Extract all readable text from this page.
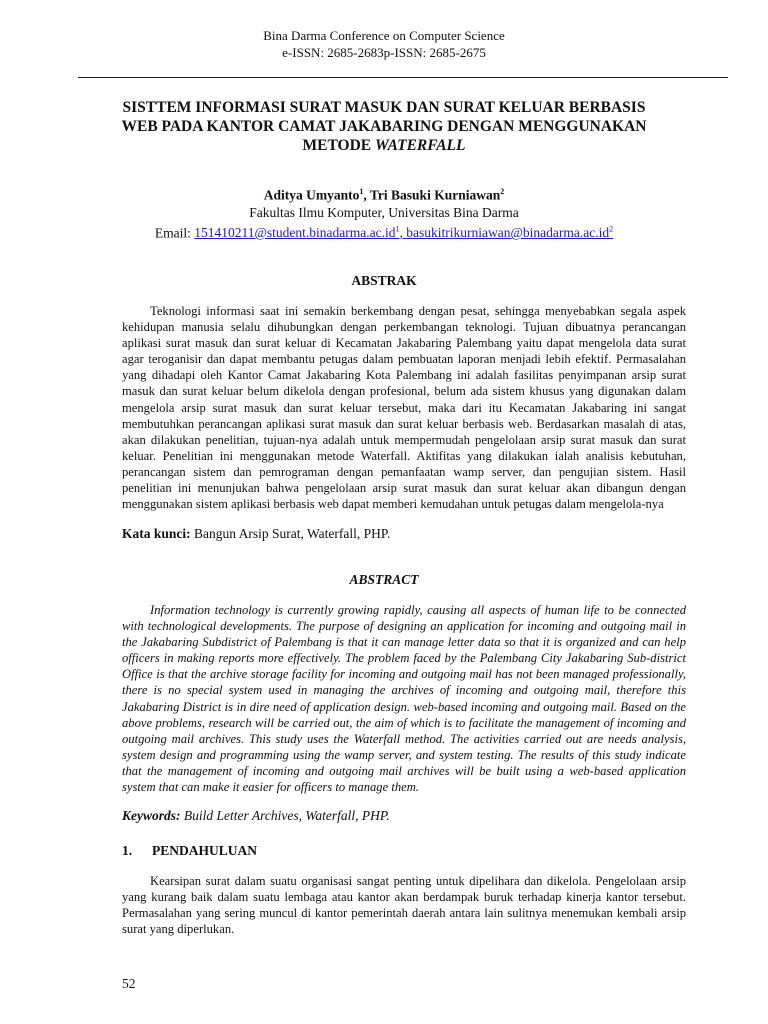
Bina Darma Conference on Computer Science
e-ISSN: 2685-2683p-ISSN: 2685-2675
SISTTEM INFORMASI SURAT MASUK DAN SURAT KELUAR BERBASIS WEB PADA KANTOR CAMAT JAKABARING DENGAN MENGGUNAKAN METODE WATERFALL
Aditya Umyanto$^1$, Tri Basuki Kurniawan$^2$
Fakultas Ilmu Komputer, Universitas Bina Darma
Email: $151410211@student.binadarma.ac.id^1$, $basukitrikurniawan@binadarma.ac.id^2$
ABSTRAK

Teknologi informasi saat ini semakin berkembang dengan pesat, sehingga menyebabkan segala aspek kehidupan manusia selalu dihubungkan dengan perkembangan teknologi. Tujuan dibuatnya perancangan aplikasi surat masuk dan surat keluar di Kecamatan Jakabaring Palembang yaitu dapat mengelola data surat agar teroganisir dan dapat membantu petugas dalam pembuatan laporan menjadi lebih efektif. Permasalahan yang dihadapi oleh Kantor Camat Jakabaring Kota Palembang ini adalah fasilitas penyimpanan arsip surat masuk dan surat keluar belum dikelola dengan profesional, belum ada sistem khusus yang digunakan dalam mengelola arsip surat masuk dan surat keluar tersebut, maka dari itu Kecamatan Jakabaring ini sangat membutuhkan perancangan aplikasi surat masuk dan surat keluar berbasis web. Berdasarkan masalah di atas, akan dilakukan penelitian, tujuan-nya adalah untuk mempermudah pengelolaan arsip surat masuk dan surat keluar. Penelitian ini menggunakan metode Waterfall. Aktifitas yang dilakukan ialah analisis kebutuhan, perancangan sistem dan pemrograman dengan pemanfaatan wamp server, dan pengujian sistem. Hasil penelitian ini menunjukan bahwa pengelolaan arsip surat masuk dan surat keluar akan dibangun dengan menggunakan sistem aplikasi berbasis web dapat memberi kemudahan untuk petugas dalam mengelola-nya

Kata kunci: Bangun Arsip Surat, Waterfall, PHP.
ABSTRACT

Information technology is currently growing rapidly, causing all aspects of human life to be connected with technological developments. The purpose of designing an application for incoming and outgoing mail in the Jakabaring Subdistrict of Palembang is that it can manage letter data so that it is organized and can help officers in making reports more effectively. The problem faced by the Palembang City Jakabaring Sub-district Office is that the archive storage facility for incoming and outgoing mail has not been managed professionally, there is no special system used in managing the archives of incoming and outgoing mail, therefore this Jakabaring District is in dire need of application design. web-based incoming and outgoing mail. Based on the above problems, research will be carried out, the aim of which is to facilitate the management of incoming and outgoing mail archives. This study uses the Waterfall method. The activities carried out are needs analysis, system design and programming using the wamp server, and system testing. The results of this study indicate that the management of incoming and outgoing mail archives will be built using a web-based application system that can make it easier for officers to manage them.

Keywords: Build Letter Archives, Waterfall, PHP.
1. PENDAHULUAN

Kearsipan surat dalam suatu organisasi sangat penting untuk dipelihara dan dikelola. Pengelolaan arsip yang kurang baik dalam suatu lembaga atau kantor akan berdampak buruk terhadap kinerja kantor tersebut. Permasalahan yang sering muncul di kantor pemerintah daerah antara lain sulitnya menemukan kembali arsip surat yang diperlukan.

52
